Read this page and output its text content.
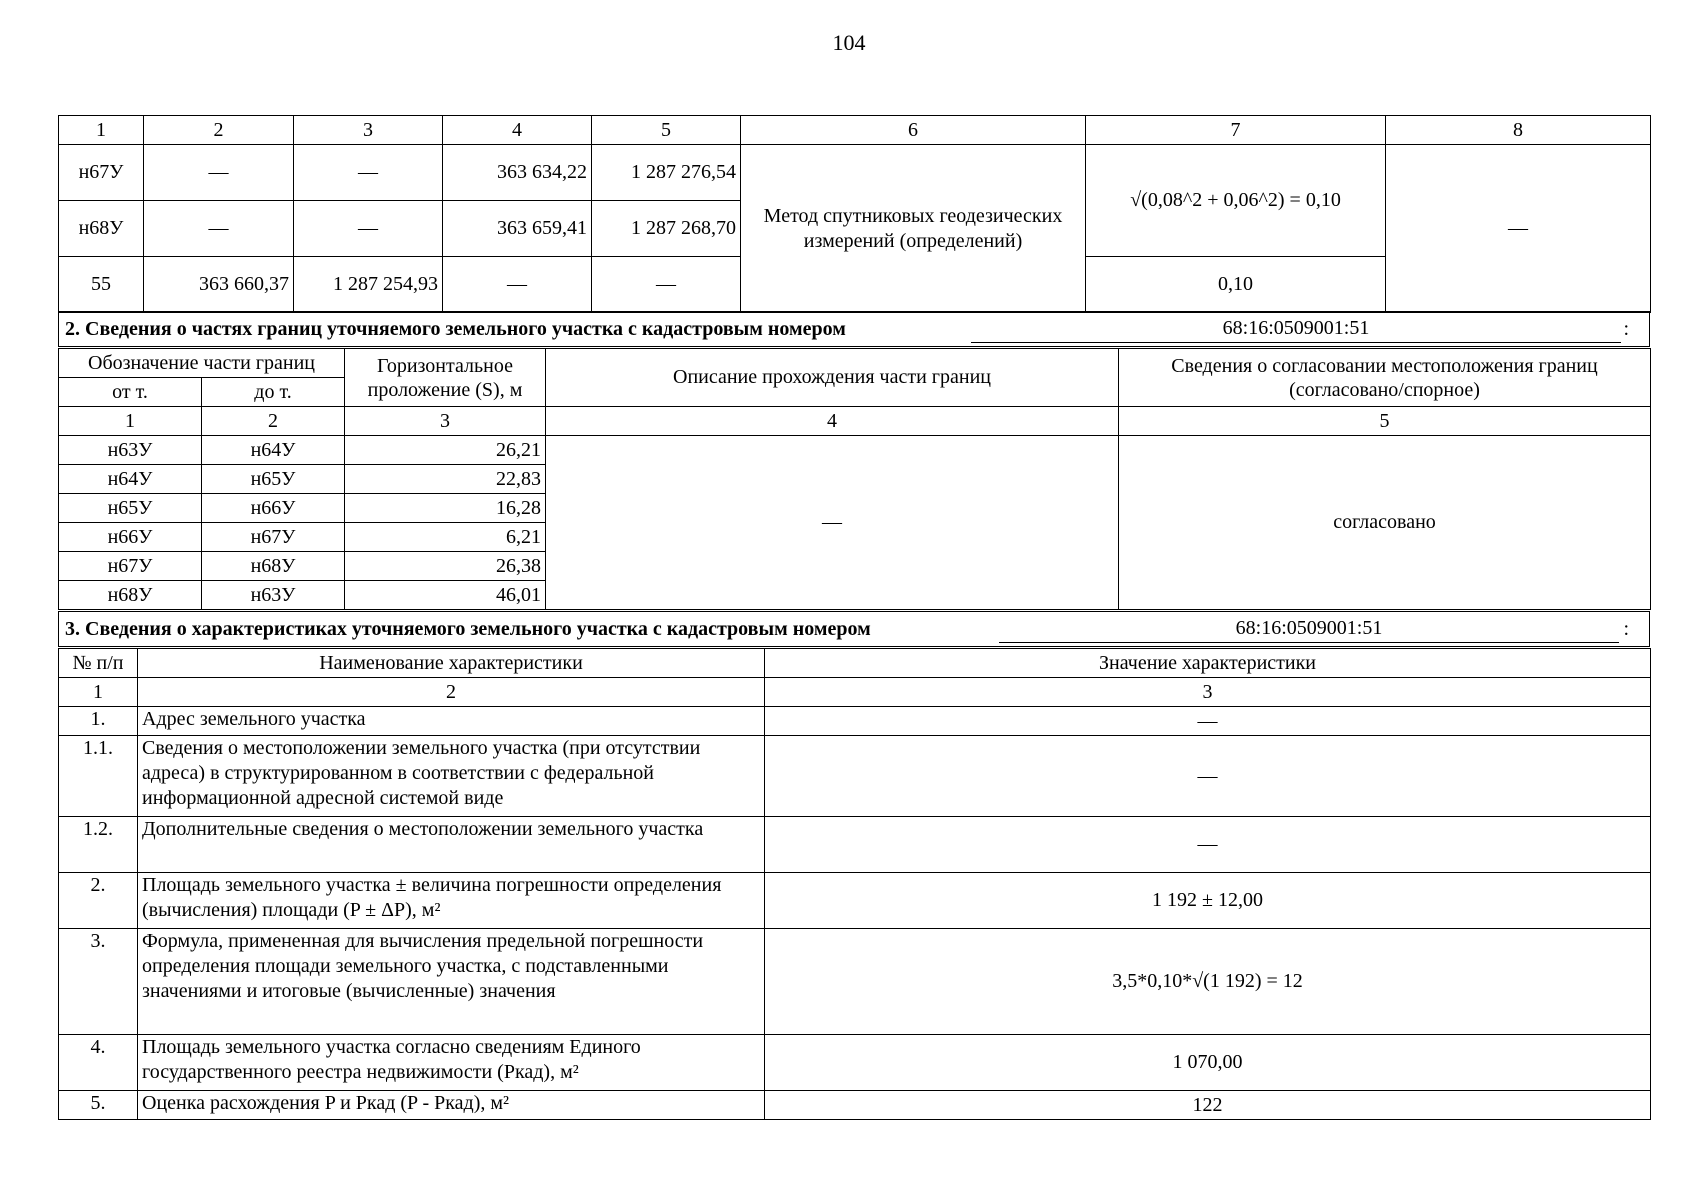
104
1	2	3	4	5	6	7	8
н67У	—	—	363 634,22	1 287 276,54	Метод спутниковых геодезических измерений (определений)	√(0,08^2 + 0,06^2) = 0,10	—
н68У	—	—	363 659,41	1 287 268,70			
55	363 660,37	1 287 254,93	—	—		0,10	
2. Сведения о частях границ уточняемого земельного участка с кадастровым номером	68:16:0509001:51	:
Обозначение части границ		Горизонтальное проложение (S), м	Описание прохождения части границ	Сведения о согласовании местоположения границ (согласовано/спорное)
от т.	до т.			
1	2	3	4	5
н63У	н64У	26,21	—	согласовано
н64У	н65У	22,83		
н65У	н66У	16,28		
н66У	н67У	6,21		
н67У	н68У	26,38		
н68У	н63У	46,01		
3. Сведения о характеристиках уточняемого земельного участка с кадастровым номером	68:16:0509001:51	:
№ п/п	Наименование характеристики	Значение характеристики
1	2	3
1.	Адрес земельного участка	—
1.1.	Сведения о местоположении земельного участка (при отсутствии адреса) в структурированном в соответствии с федеральной информационной адресной системой виде	—
1.2.	Дополнительные сведения о местоположении земельного участка	—
2.	Площадь земельного участка ± величина погрешности определения (вычисления) площади (P ± ΔP), м²	1 192 ± 12,00
3.	Формула, примененная для вычисления предельной погрешности определения площади земельного участка, с подставленными значениями и итоговые (вычисленные) значения	3,5*0,10*√(1 192) = 12
4.	Площадь земельного участка согласно сведениям Единого государственного реестра недвижимости (Ркад), м²	1 070,00
5.	Оценка расхождения P и Ркад (P - Ркад), м²	122
